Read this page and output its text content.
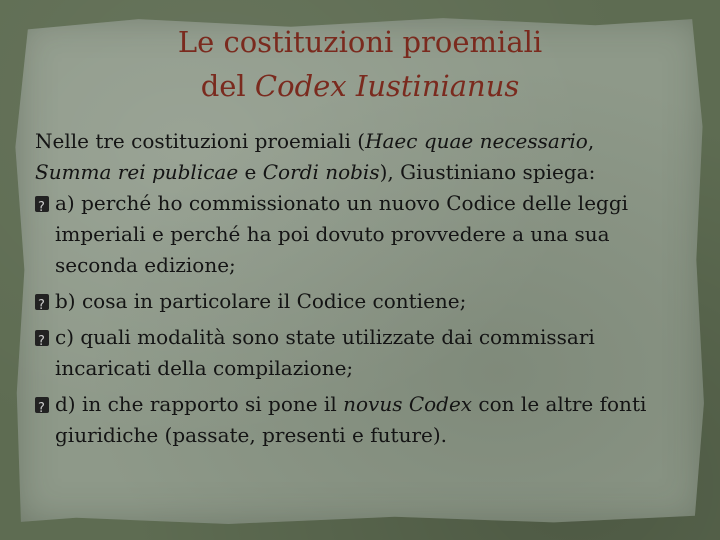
Le costituzioni proemiali
del Codex Iustinianus

Nelle tre costituzioni proemiali (Haec quae necessario, Summa rei publicae e Cordi nobis), Giustiniano spiega:

?
a) perché ho commissionato un nuovo Codice delle leggi imperiali e perché ha poi dovuto provvedere a una sua seconda edizione;
?
b) cosa in particolare il Codice contiene;
?
c) quali modalità sono state utilizzate dai commissari incaricati della compilazione;
?
d) in che rapporto si pone il novus Codex con le altre fonti giuridiche (passate, presenti e future).
